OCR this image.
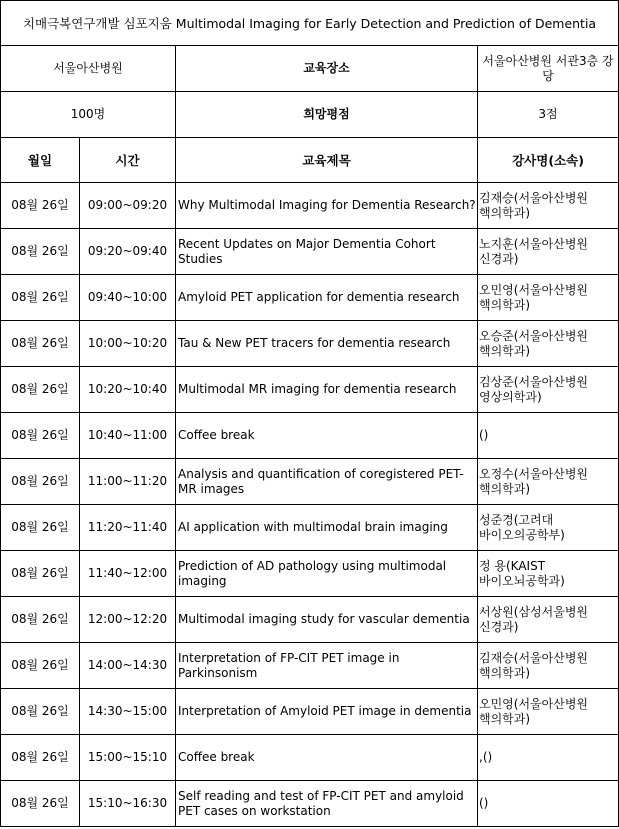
치매극복연구개발 심포지움 Multimodal Imaging for Early Detection and Prediction of Dementia			
서울아산병원		교육장소	서울아산병원 서관3층 강당
100명		희망평점	3점
월일	시간	교육제목	강사명(소속)
08월 26일	09:00~09:20	Why Multimodal Imaging for Dementia Research?	김재승(서울아산병원 핵의학과)
08월 26일	09:20~09:40	Recent Updates on Major Dementia Cohort Studies	노지훈(서울아산병원 신경과)
08월 26일	09:40~10:00	Amyloid PET application for dementia research	오민영(서울아산병원 핵의학과)
08월 26일	10:00~10:20	Tau & New PET tracers for dementia research	오승준(서울아산병원 핵의학과)
08월 26일	10:20~10:40	Multimodal MR imaging for dementia research	김상준(서울아산병원 영상의학과)
08월 26일	10:40~11:00	Coffee break	()
08월 26일	11:00~11:20	Analysis and quantification of coregistered PET-MR images	오정수(서울아산병원 핵의학과)
08월 26일	11:20~11:40	AI application with multimodal brain imaging	성준경(고려대 바이오의공학부)
08월 26일	11:40~12:00	Prediction of AD pathology using multimodal imaging	정 용(KAIST 바이오뇌공학과)
08월 26일	12:00~12:20	Multimodal imaging study for vascular dementia	서상원(삼성서울병원 신경과)
08월 26일	14:00~14:30	Interpretation of FP-CIT PET image in Parkinsonism	김재승(서울아산병원 핵의학과)
08월 26일	14:30~15:00	Interpretation of Amyloid PET image in dementia	오민영(서울아산병원 핵의학과)
08월 26일	15:00~15:10	Coffee break	,()
08월 26일	15:10~16:30	Self reading and test of FP-CIT PET and amyloid PET cases on workstation	()
